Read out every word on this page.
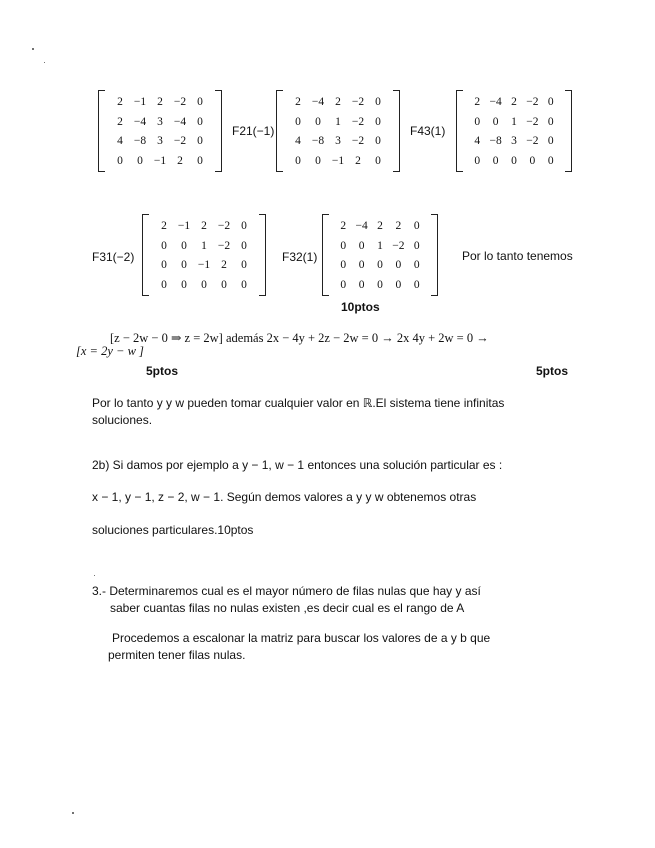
2 −1 2 −2 0
2 −4 3 −4 0
4 −8 3 −2 0
0	0 −1 2	0
F21(−1)
2 −4 2 −2 0
0	0	1 −2 0
4 −8 3 −2 0
0	0 −1 2	0
F43(1)
2 −4 2 −2 0
0	0	1 −2 0
4 −8 3 −2 0
0	0	0	0	0
F31(−2)
2 −1 2 −2 0
0	0	1 −2 0
0	0 −1 2	0
0	0	0	0	0
F32(1)
2 −4 2	2	0
0	0	1 −2 0
0	0	0	0	0
0	0	0	0	0
Por lo tanto tenemos
10ptos
[z − 2w − 0 ⇒ z = 2w] además 2x − 4y + 2z − 2w = 0 → 2x 4y + 2w = 0 →
[x = 2y − w ]
5ptos	5ptos
Por lo tanto y y w pueden tomar cualquier valor en ℝ.El sistema tiene infinitas
soluciones.
2b) Si damos por ejemplo a y − 1, w − 1 entonces una solución particular es :
x − 1, y − 1, z − 2, w − 1. Según demos valores a y y w obtenemos otras
soluciones particulares.10ptos
3.- Determinaremos cual es el mayor número de filas nulas que hay y así
saber cuantas filas no nulas existen ,es decir cual es el rango de A
Procedemos a escalonar la matriz para buscar los valores de a y b que
permiten tener filas nulas.
